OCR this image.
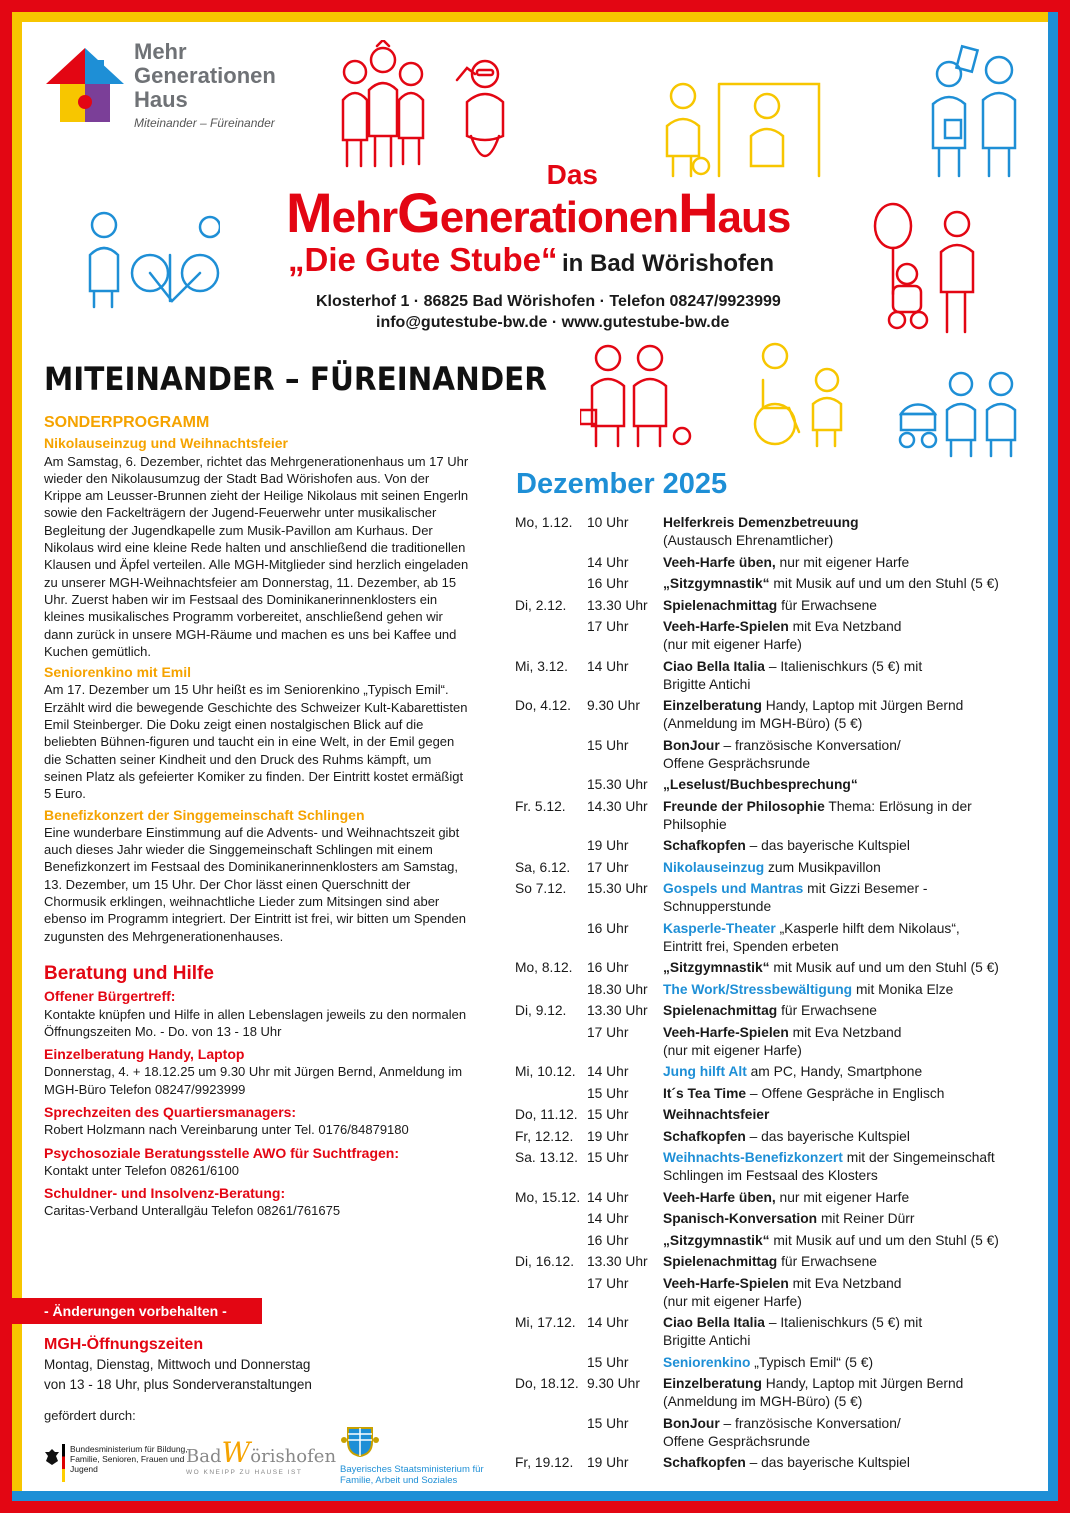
Mehr
Generationen
Haus
Miteinander – Füreinander
Das
MehrGenerationenHaus
„Die Gute Stube“ in Bad Wörishofen
Klosterhof 1 · 86825 Bad Wörishofen · Telefon 08247/9923999
info@gutestube-bw.de · www.gutestube-bw.de
MITEINANDER – FÜREINANDER
SONDERPROGRAMM
Nikolauseinzug und Weihnachtsfeier

Am Samstag, 6. Dezember, richtet das Mehrgenerationenhaus um 17 Uhr wieder den Nikolausumzug der Stadt Bad Wörishofen aus. Von der Krippe am Leusser-Brunnen zieht der Heilige Nikolaus mit seinen Engerln sowie den Fackelträgern der Jugend-Feuerwehr unter musikalischer Begleitung der Jugendkapelle zum Musik-Pavillon am Kurhaus. Der Nikolaus wird eine kleine Rede halten und anschließend die traditionellen Klausen und Äpfel verteilen. Alle MGH-Mitglieder sind herzlich eingeladen zu unserer MGH-Weihnachtsfeier am Donnerstag, 11. Dezember, ab 15 Uhr. Zuerst haben wir im Festsaal des Dominikanerinnenklosters ein kleines musikalisches Programm vorbereitet, anschließend gehen wir dann zurück in unsere MGH-Räume und machen es uns bei Kaffee und Kuchen gemütlich.

Seniorenkino mit Emil

Am 17. Dezember um 15 Uhr heißt es im Seniorenkino „Typisch Emil“. Erzählt wird die bewegende Geschichte des Schweizer Kult-Kabarettisten Emil Steinberger. Die Doku zeigt einen nostalgischen Blick auf die beliebten Bühnen-figuren und taucht ein in eine Welt, in der Emil gegen die Schatten seiner Kindheit und den Druck des Ruhms kämpft, um seinen Platz als gefeierter Komiker zu finden. Der Eintritt kostet ermäßigt 5 Euro.

Benefizkonzert der Singgemeinschaft Schlingen

Eine wunderbare Einstimmung auf die Advents- und Weihnachtszeit gibt auch dieses Jahr wieder die Singgemeinschaft Schlingen mit einem Benefizkonzert im Festsaal des Dominikanerinnenklosters am Samstag, 13. Dezember, um 15 Uhr. Der Chor lässt einen Querschnitt der Chormusik erklingen, weihnachtliche Lieder zum Mitsingen sind aber ebenso im Programm integriert. Der Eintritt ist frei, wir bitten um Spenden zugunsten des Mehrgenerationenhauses.

Beratung und Hilfe
Offener Bürgertreff:

Kontakte knüpfen und Hilfe in allen Lebenslagen jeweils zu den normalen Öffnungszeiten Mo. - Do. von 13 - 18 Uhr

Einzelberatung Handy, Laptop

Donnerstag, 4. + 18.12.25 um 9.30 Uhr mit Jürgen Bernd, Anmeldung im MGH-Büro Telefon 08247/9923999

Sprechzeiten des Quartiersmanagers:

Robert Holzmann nach Vereinbarung unter Tel. 0176/84879180

Psychosoziale Beratungsstelle AWO für Suchtfragen:

Kontakt unter Telefon 08261/6100

Schuldner- und Insolvenz-Beratung:

Caritas-Verband Unterallgäu Telefon 08261/761675

- Änderungen vorbehalten -
MGH-Öffnungszeiten
Montag, Dienstag, Mittwoch und Donnerstag
von 13 - 18 Uhr, plus Sonderveranstaltungen
gefördert durch:
Bundesministerium für Bildung, Familie, Senioren, Frauen und Jugend
BadWörishofen
WO KNEIPP ZU HAUSE IST	Bayerisches Staatsministerium für Familie, Arbeit und Soziales
Dezember 2025
Mo, 1.12.	10 Uhr	Helferkreis Demenzbetreuung
(Austausch Ehrenamtlicher)
14 Uhr	Veeh-Harfe üben, nur mit eigener Harfe
16 Uhr	„Sitzgymnastik“ mit Musik auf und um den Stuhl (5 €)
Di, 2.12.	13.30 Uhr	Spielenachmittag für Erwachsene
17 Uhr	Veeh-Harfe-Spielen mit Eva Netzband
(nur mit eigener Harfe)
Mi, 3.12.	14 Uhr	Ciao Bella Italia – Italienischkurs (5 €) mit
Brigitte Antichi
Do, 4.12.	9.30 Uhr	Einzelberatung Handy, Laptop mit Jürgen Bernd
(Anmeldung im MGH-Büro) (5 €)
15 Uhr	BonJour – französische Konversation/
Offene Gesprächsrunde
15.30 Uhr	„Leselust/Buchbesprechung“
Fr. 5.12.	14.30 Uhr	Freunde der Philosophie Thema: Erlösung in der
Philsophie
19 Uhr	Schafkopfen – das bayerische Kultspiel
Sa, 6.12.	17 Uhr	Nikolauseinzug zum Musikpavillon
So 7.12.	15.30 Uhr	Gospels und Mantras mit Gizzi Besemer -
Schnupperstunde
16 Uhr	Kasperle-Theater „Kasperle hilft dem Nikolaus“,
Eintritt frei, Spenden erbeten
Mo, 8.12.	16 Uhr	„Sitzgymnastik“ mit Musik auf und um den Stuhl (5 €)
18.30 Uhr	The Work/Stressbewältigung mit Monika Elze
Di, 9.12.	13.30 Uhr	Spielenachmittag für Erwachsene
17 Uhr	Veeh-Harfe-Spielen mit Eva Netzband
(nur mit eigener Harfe)
Mi, 10.12. 14 Uhr	Jung hilft Alt am PC, Handy, Smartphone
15 Uhr	It´s Tea Time – Offene Gespräche in Englisch
Do, 11.12. 15 Uhr	Weihnachtsfeier
Fr, 12.12. 19 Uhr	Schafkopfen – das bayerische Kultspiel
Sa. 13.12. 15 Uhr	Weihnachts-Benefizkonzert mit der Singemeinschaft
Schlingen im Festsaal des Klosters
Mo, 15.12. 14 Uhr	Veeh-Harfe üben, nur mit eigener Harfe
14 Uhr	Spanisch-Konversation mit Reiner Dürr
16 Uhr	„Sitzgymnastik“ mit Musik auf und um den Stuhl (5 €)
Di, 16.12. 13.30 Uhr	Spielenachmittag für Erwachsene
17 Uhr	Veeh-Harfe-Spielen mit Eva Netzband
(nur mit eigener Harfe)
Mi, 17.12. 14 Uhr	Ciao Bella Italia – Italienischkurs (5 €) mit
Brigitte Antichi
15 Uhr	Seniorenkino „Typisch Emil“ (5 €)
Do, 18.12. 9.30 Uhr	Einzelberatung Handy, Laptop mit Jürgen Bernd
(Anmeldung im MGH-Büro) (5 €)
15 Uhr	BonJour – französische Konversation/
Offene Gesprächsrunde
Fr, 19.12. 19 Uhr	Schafkopfen – das bayerische Kultspiel
